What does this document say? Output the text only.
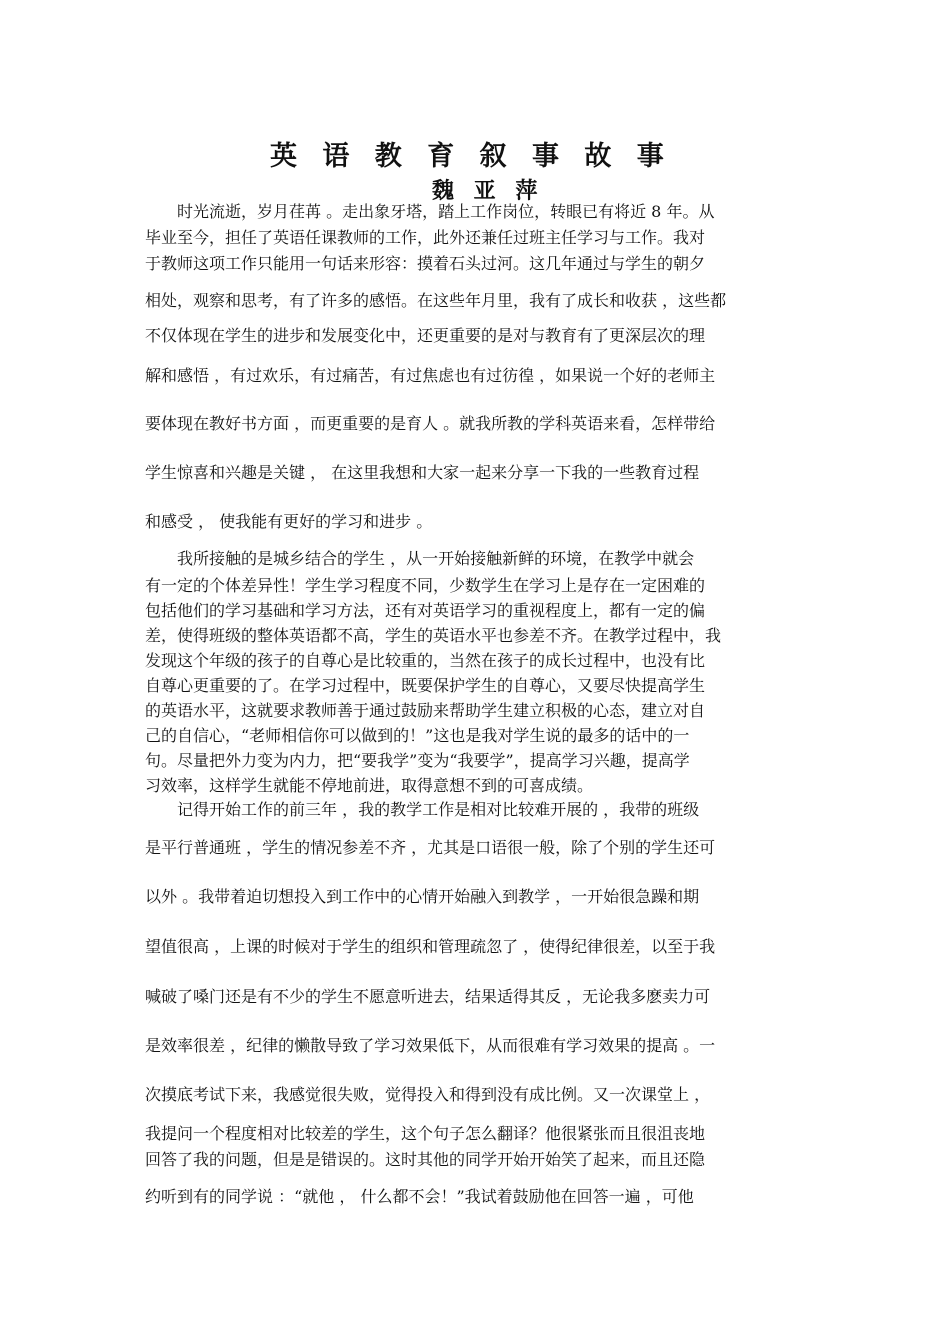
英 语 教 育 叙 事 故 事
魏 亚 萍
　　时光流逝，岁月荏苒 。走出象牙塔，踏上工作岗位，转眼已有将近 8 年。从
毕业至今，担任了英语任课教师的工作，此外还兼任过班主任学习与工作。我对
于教师这项工作只能用一句话来形容：摸着石头过河。这几年通过与学生的朝夕
相处，观察和思考，有了许多的感悟。在这些年月里，我有了成长和收获 ，这些都
不仅体现在学生的进步和发展变化中，还更重要的是对与教育有了更深层次的理
解和感悟 ，有过欢乐，有过痛苦，有过焦虑也有过彷徨 ，如果说一个好的老师主
要体现在教好书方面 ，而更重要的是育人 。就我所教的学科英语来看，怎样带给
学生惊喜和兴趣是关键 ， 在这里我想和大家一起来分享一下我的一些教育过程
和感受 ， 使我能有更好的学习和进步 。
　　我所接触的是城乡结合的学生 ，从一开始接触新鲜的环境，在教学中就会
有一定的个体差异性！学生学习程度不同，少数学生在学习上是存在一定困难的
包括他们的学习基础和学习方法，还有对英语学习的重视程度上，都有一定的偏
差，使得班级的整体英语都不高，学生的英语水平也参差不齐。在教学过程中，我
发现这个年级的孩子的自尊心是比较重的，当然在孩子的成长过程中，也没有比
自尊心更重要的了。在学习过程中，既要保护学生的自尊心，又要尽快提高学生
的英语水平，这就要求教师善于通过鼓励来帮助学生建立积极的心态，建立对自
己的自信心，“老师相信你可以做到的！”这也是我对学生说的最多的话中的一
句。尽量把外力变为内力，把“要我学”变为“我要学”，提高学习兴趣，提高学
习效率，这样学生就能不停地前进，取得意想不到的可喜成绩。
　　记得开始工作的前三年 ，我的教学工作是相对比较难开展的 ，我带的班级
是平行普通班 ，学生的情况参差不齐 ，尤其是口语很一般，除了个别的学生还可
以外 。我带着迫切想投入到工作中的心情开始融入到教学 ，一开始很急躁和期
望值很高 ，上课的时候对于学生的组织和管理疏忽了 ，使得纪律很差，以至于我
喊破了嗓门还是有不少的学生不愿意听进去，结果适得其反 ，无论我多麽卖力可
是效率很差 ，纪律的懒散导致了学习效果低下，从而很难有学习效果的提高 。一
次摸底考试下来，我感觉很失败，觉得投入和得到没有成比例。又一次课堂上 ，
我提问一个程度相对比较差的学生，这个句子怎么翻译？他很紧张而且很沮丧地
回答了我的问题，但是是错误的。这时其他的同学开始开始笑了起来，而且还隐
约听到有的同学说 ：“就他 ， 什么都不会！”我试着鼓励他在回答一遍 ，可他
